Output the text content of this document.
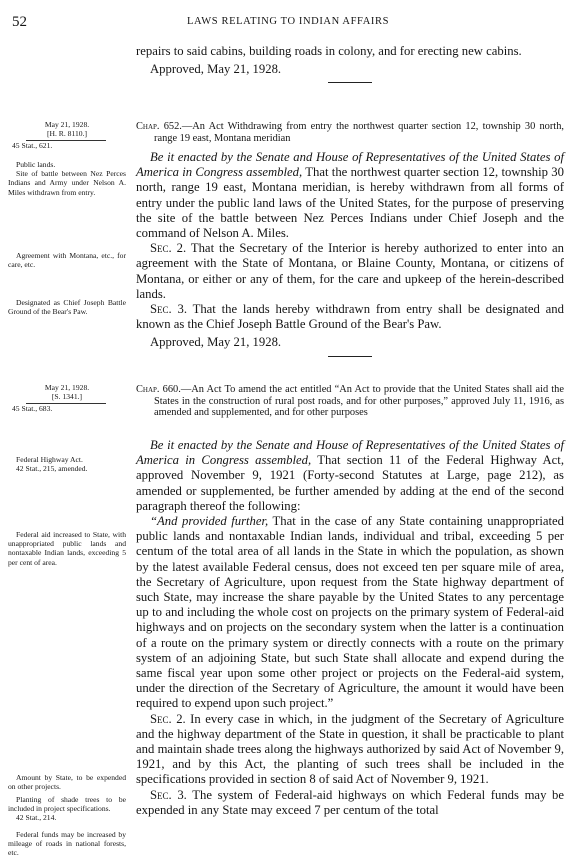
52	LAWS RELATING TO INDIAN AFFAIRS

repairs to said cabins, building roads in colony, and for erecting new cabins.

Approved, May 21, 1928.

May 21, 1928.
[H. R. 8110.]
45 Stat., 621.

Chap. 652.—An Act Withdrawing from entry the northwest quarter section 12, township 30 north, range 19 east, Montana meridian

Be it enacted by the Senate and House of Representatives of the United States of America in Congress assembled, That the northwest quarter section 12, township 30 north, range 19 east, Montana meridian, is hereby withdrawn from all forms of entry under the public land laws of the United States, for the purpose of preserving the site of the battle between Nez Perces Indians under Chief Joseph and the command of Nelson A. Miles.

Sec. 2. That the Secretary of the Interior is hereby authorized to enter into an agreement with the State of Montana, or Blaine County, Montana, or citizens of Montana, or either or any of them, for the care and upkeep of the herein-described lands.

Sec. 3. That the lands hereby withdrawn from entry shall be designated and known as the Chief Joseph Battle Ground of the Bear's Paw.

Approved, May 21, 1928.

Public lands.
Site of battle between Nez Perces Indians and Army under Nelson A. Miles withdrawn from entry.
Agreement with Montana, etc., for care, etc.
Designated as Chief Joseph Battle Ground of the Bear's Paw.
May 21, 1928.
[S. 1341.]
45 Stat., 683.

Chap. 660.—An Act To amend the act entitled “An Act to provide that the United States shall aid the States in the construction of rural post roads, and for other purposes,” approved July 11, 1916, as amended and supplemented, and for other purposes

Be it enacted by the Senate and House of Representatives of the United States of America in Congress assembled, That section 11 of the Federal Highway Act, approved November 9, 1921 (Forty-second Statutes at Large, page 212), as amended or supplemented, be further amended by adding at the end of the second paragraph thereof the following:

“And provided further, That in the case of any State containing unappropriated public lands and nontaxable Indian lands, individual and tribal, exceeding 5 per centum of the total area of all lands in the State in which the population, as shown by the latest available Federal census, does not exceed ten per square mile of area, the Secretary of Agriculture, upon request from the State highway department of such State, may increase the share payable by the United States to any percentage up to and including the whole cost on projects on the primary system of Federal-aid highways and on projects on the secondary system when the latter is a continuation of a route on the primary system or directly connects with a route on the primary system of an adjoining State, but such State shall allocate and expend during the same fiscal year upon some other project or projects on the Federal-aid system, under the direction of the Secretary of Agriculture, the amount it would have been required to expend upon such project.”

Sec. 2. In every case in which, in the judgment of the Secretary of Agriculture and the highway department of the State in question, it shall be practicable to plant and maintain shade trees along the highways authorized by said Act of November 9, 1921, and by this Act, the planting of such trees shall be included in the specifications provided in section 8 of said Act of November 9, 1921.

Sec. 3. The system of Federal-aid highways on which Federal funds may be expended in any State may exceed 7 per centum of the total

Federal Highway Act.
42 Stat., 215, amended.
Federal aid increased to State, with unappropriated public lands and nontaxable Indian lands, exceeding 5 per cent of area.
Amount by State, to be expended on other projects.
Planting of shade trees to be included in project specifications.
42 Stat., 214.
Federal funds may be increased by mileage of roads in national forests, etc.
